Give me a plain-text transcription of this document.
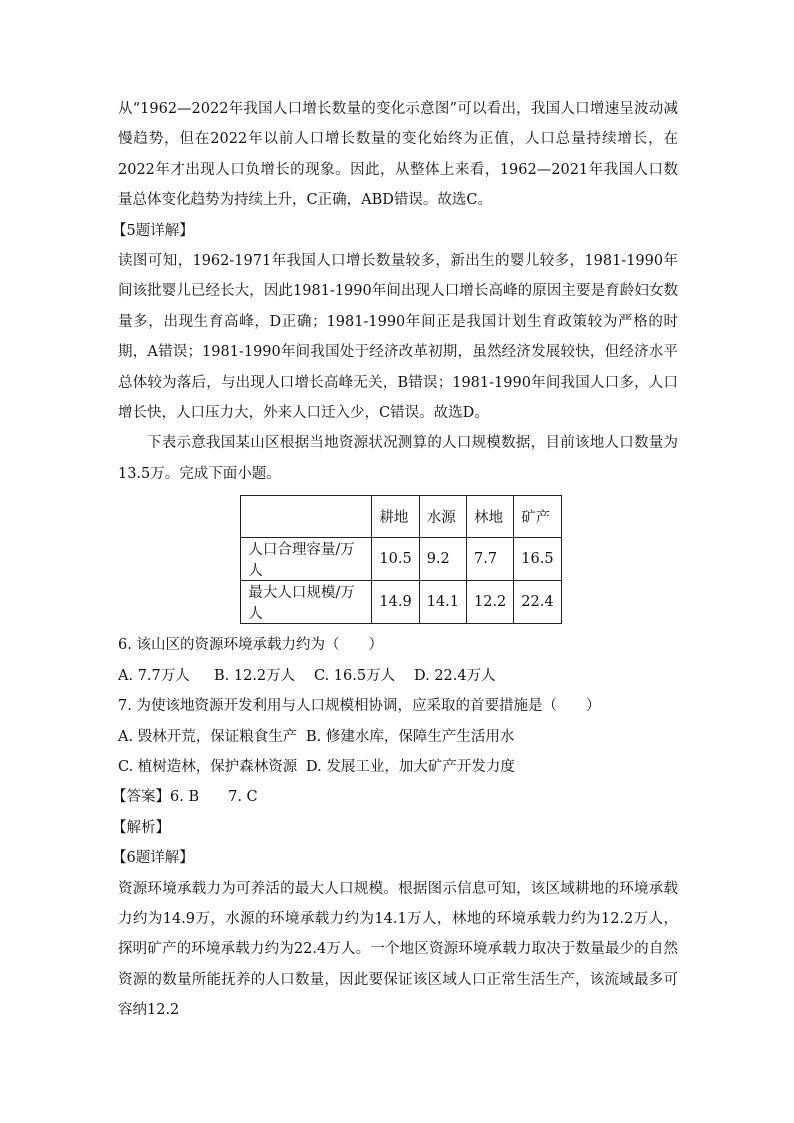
从“1962—2022年我国人口增长数量的变化示意图”可以看出，我国人口增速呈波动减慢趋势，但在2022年以前人口增长数量的变化始终为正值，人口总量持续增长，在2022年才出现人口负增长的现象。因此，从整体上来看，1962—2021年我国人口数量总体变化趋势为持续上升，C正确，ABD错误。故选C。

【5题详解】

读图可知，1962-1971年我国人口增长数量较多，新出生的婴儿较多，1981-1990年间该批婴儿已经长大，因此1981-1990年间出现人口增长高峰的原因主要是育龄妇女数量多，出现生育高峰，D正确；1981-1990年间正是我国计划生育政策较为严格的时期，A错误；1981-1990年间我国处于经济改革初期，虽然经济发展较快，但经济水平总体较为落后，与出现人口增长高峰无关，B错误；1981-1990年间我国人口多，人口增长快，人口压力大，外来人口迁入少，C错误。故选D。

下表示意我国某山区根据当地资源状况测算的人口规模数据，目前该地人口数量为13.5万。完成下面小题。

	耕地	水源	林地	矿产
人口合理容量/万人	10.5	9.2	7.7	16.5
最大人口规模/万人	14.9	14.1	12.2	22.4

6. 该山区的资源环境承载力约为（　　）

A. 7.7万人	B. 12.2万人	C. 16.5万人	D. 22.4万人

7. 为使该地资源开发利用与人口规模相协调，应采取的首要措施是（　　）

A. 毁林开荒，保证粮食生产 B. 修建水库，保障生产生活用水

C. 植树造林，保护森林资源 D. 发展工业，加大矿产开发力度

【答案】6. B　　7. C

【解析】

【6题详解】

资源环境承载力为可养活的最大人口规模。根据图示信息可知，该区域耕地的环境承载力约为14.9万，水源的环境承载力约为14.1万人，林地的环境承载力约为12.2万人，探明矿产的环境承载力约为22.4万人。一个地区资源环境承载力取决于数量最少的自然资源的数量所能抚养的人口数量，因此要保证该区域人口正常生活生产，该流域最多可容纳12.2
